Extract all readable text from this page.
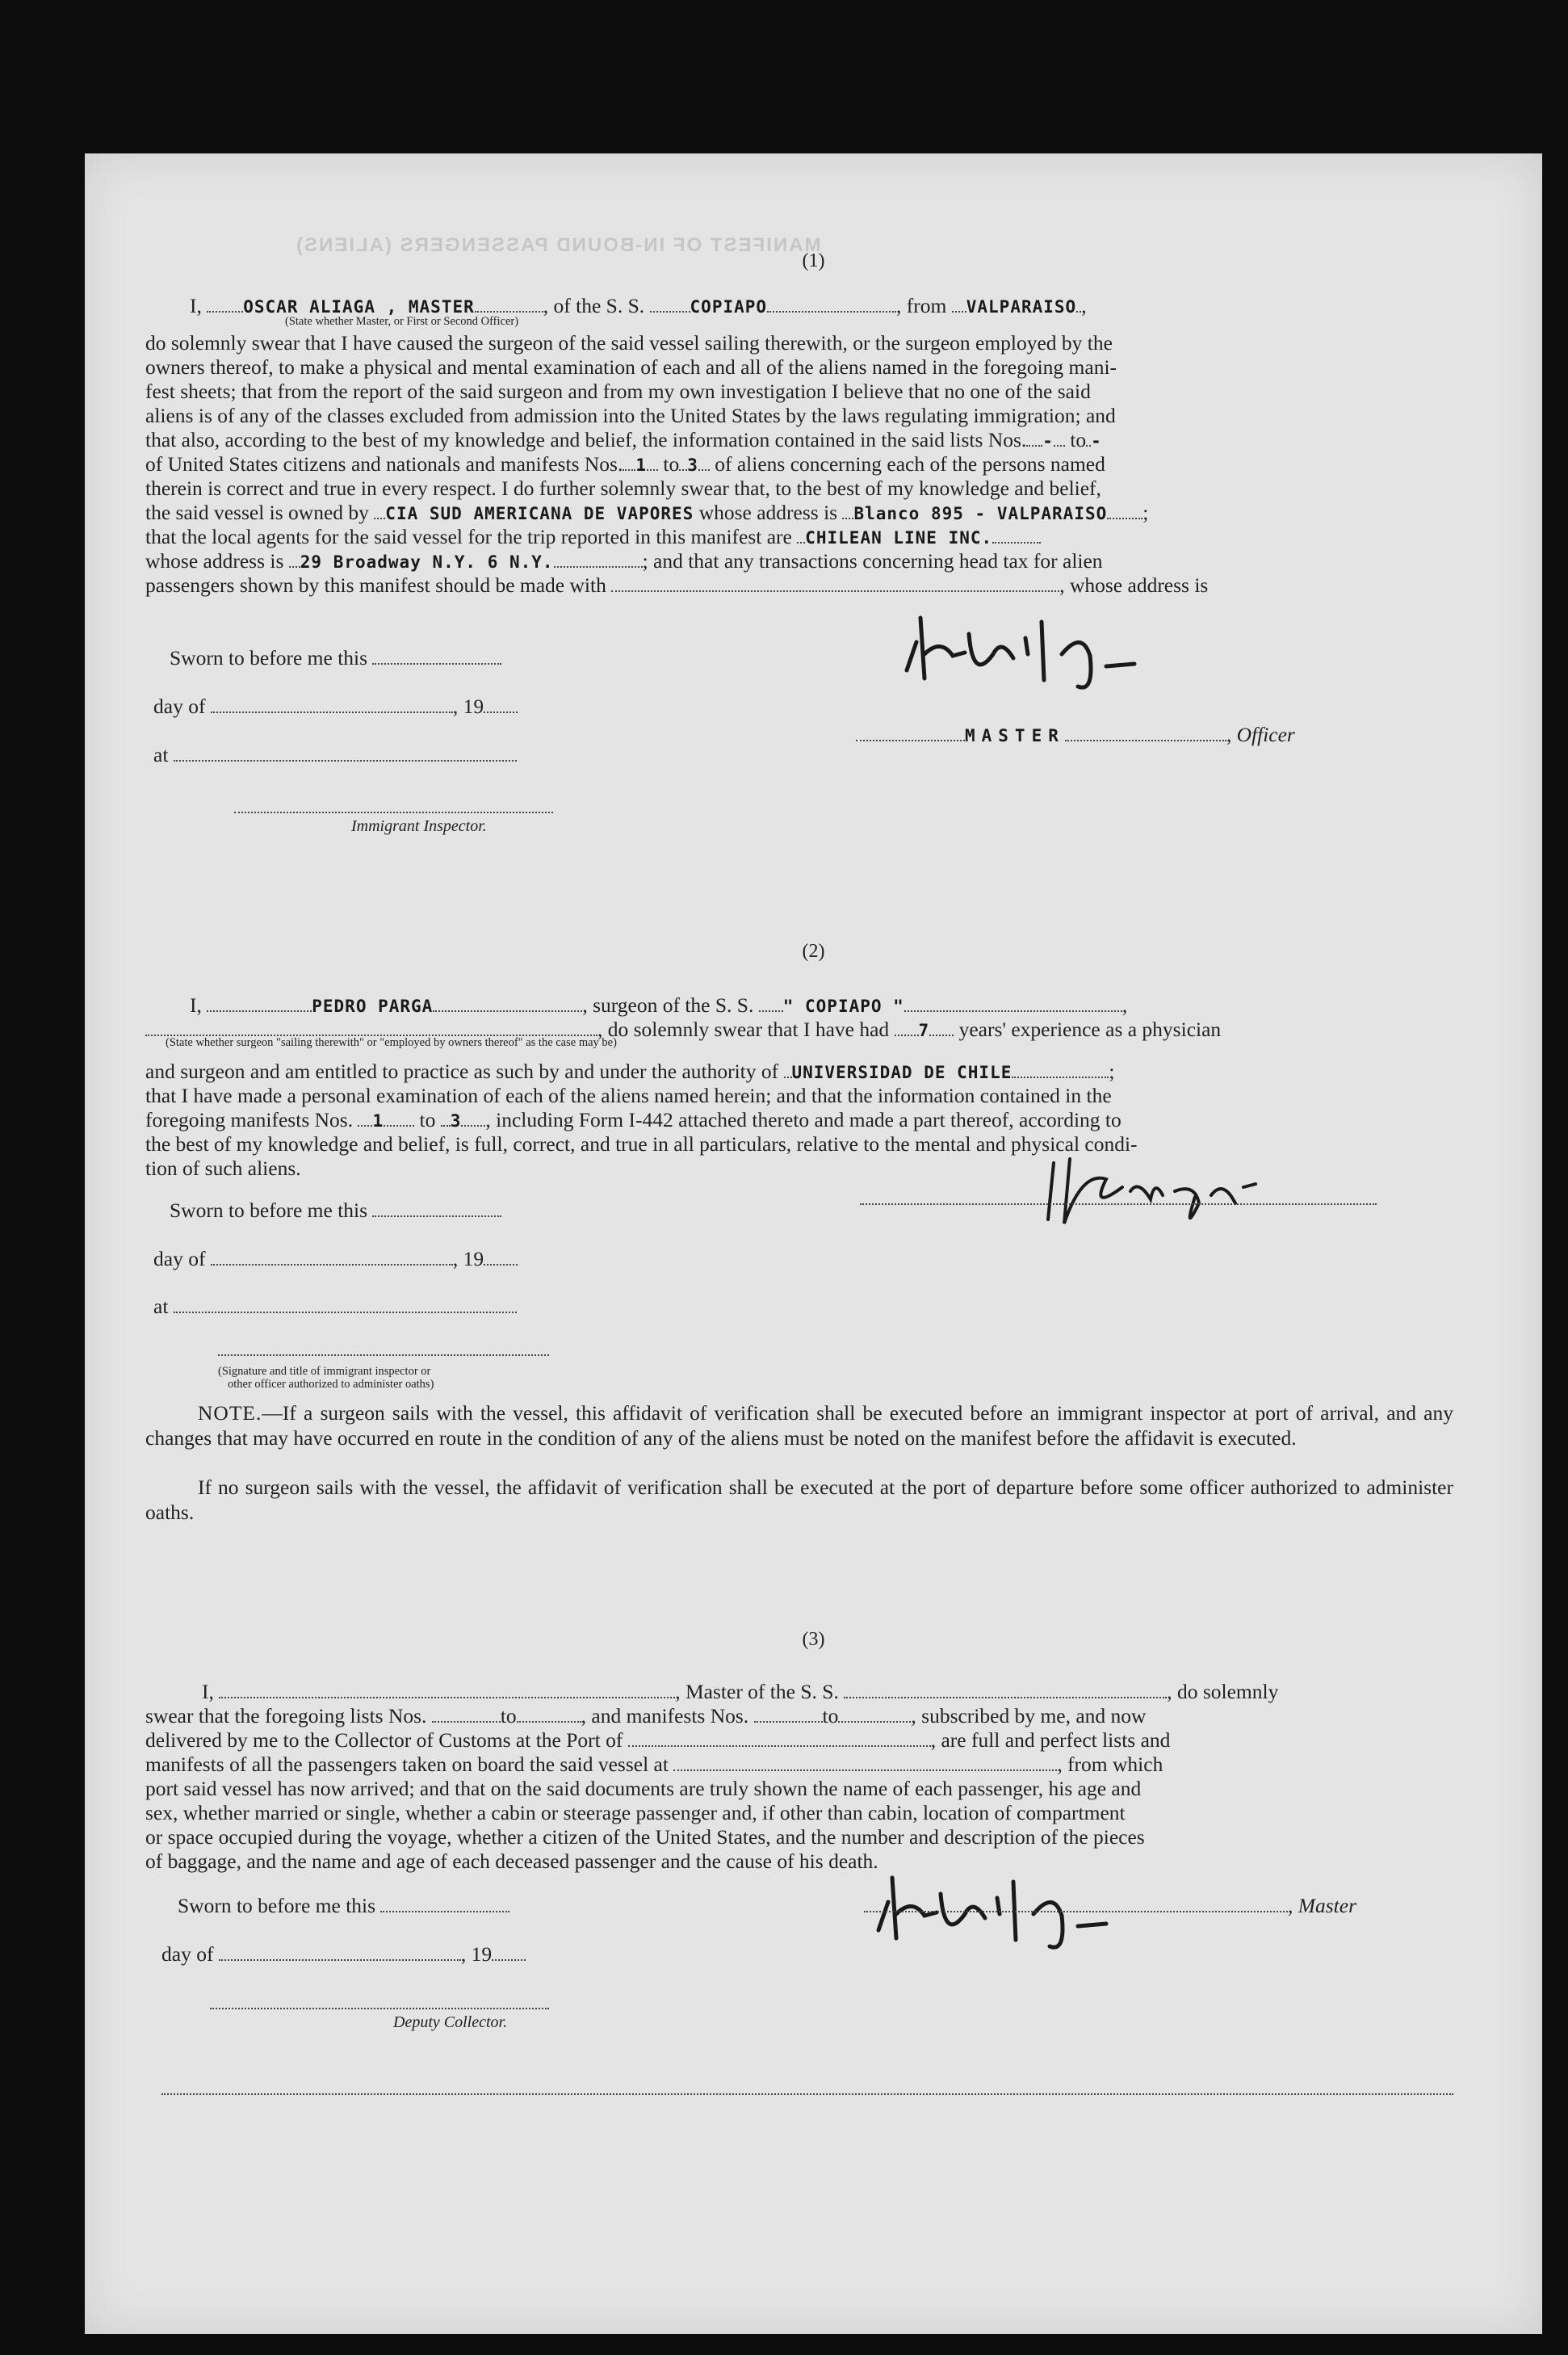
MANIFEST OF IN-BOUND PASSENGERS (ALIENS)
(1)
I, OSCAR ALIAGA , MASTER	, of the S. S.	COPIAPO	, from VALPARAISO ,
(State whether Master, or First or Second Officer)
do solemnly swear that I have caused the surgeon of the said vessel sailing therewith, or the surgeon employed by the
owners thereof, to make a physical and mental examination of each and all of the aliens named in the foregoing mani-
fest sheets; that from the report of the said surgeon and from my own investigation I believe that no one of the said
aliens is of any of the classes excluded from admission into the United States by the laws regulating immigration; and
that also, according to the best of my knowledge and belief, the information contained in the said lists Nos. - to -
of United States citizens and nationals and manifests Nos. 1 to 3 of aliens concerning each of the persons named
therein is correct and true in every respect. I do further solemnly swear that, to the best of my knowledge and belief,
the said vessel is owned by CIA SUD AMERICANA DE VAPORES whose address is Blanco 895 - VALPARAISO ;
that the local agents for the said vessel for the trip reported in this manifest are CHILEAN LINE INC.
whose address is 29 Broadway N.Y. 6 N.Y.	; and that any transactions concerning head tax for alien
passengers shown by this manifest should be made with	, whose address is
Sworn to before me this
day of	, 19
at
Immigrant Inspector.
MASTER	, Officer
(2)
I,	PEDRO PARGA	, surgeon of the S. S. " COPIAPO "	,
, do solemnly swear that I have had 7 years' experience as a physician
(State whether surgeon "sailing therewith" or "employed by owners thereof" as the case may be)
and surgeon and am entitled to practice as such by and under the authority of UNIVERSIDAD DE CHILE	;
that I have made a personal examination of each of the aliens named herein; and that the information contained in the
foregoing manifests Nos. 1 to 3 , including Form I-442 attached thereto and made a part thereof, according to
the best of my knowledge and belief, is full, correct, and true in all particulars, relative to the mental and physical condi-
tion of such aliens.
Sworn to before me this
day of	, 19
at
(Signature and title of immigrant inspector or
other officer authorized to administer oaths)
NOTE.—If a surgeon sails with the vessel, this affidavit of verification shall be executed before an immigrant inspector at port of arrival, and any changes that may have occurred en route in the condition of any of the aliens must be noted on the manifest before the affidavit is executed.
If no surgeon sails with the vessel, the affidavit of verification shall be executed at the port of departure before some officer authorized to administer oaths.
(3)
I,	, Master of the S. S.	, do solemnly
swear that the foregoing lists Nos.	to	, and manifests Nos.	to	, subscribed by me, and now
delivered by me to the Collector of Customs at the Port of	, are full and perfect lists and
manifests of all the passengers taken on board the said vessel at	, from which
port said vessel has now arrived; and that on the said documents are truly shown the name of each passenger, his age and
sex, whether married or single, whether a cabin or steerage passenger and, if other than cabin, location of compartment
or space occupied during the voyage, whether a citizen of the United States, and the number and description of the pieces
of baggage, and the name and age of each deceased passenger and the cause of his death.
Sworn to before me this	, Master
day of	, 19
Deputy Collector.
